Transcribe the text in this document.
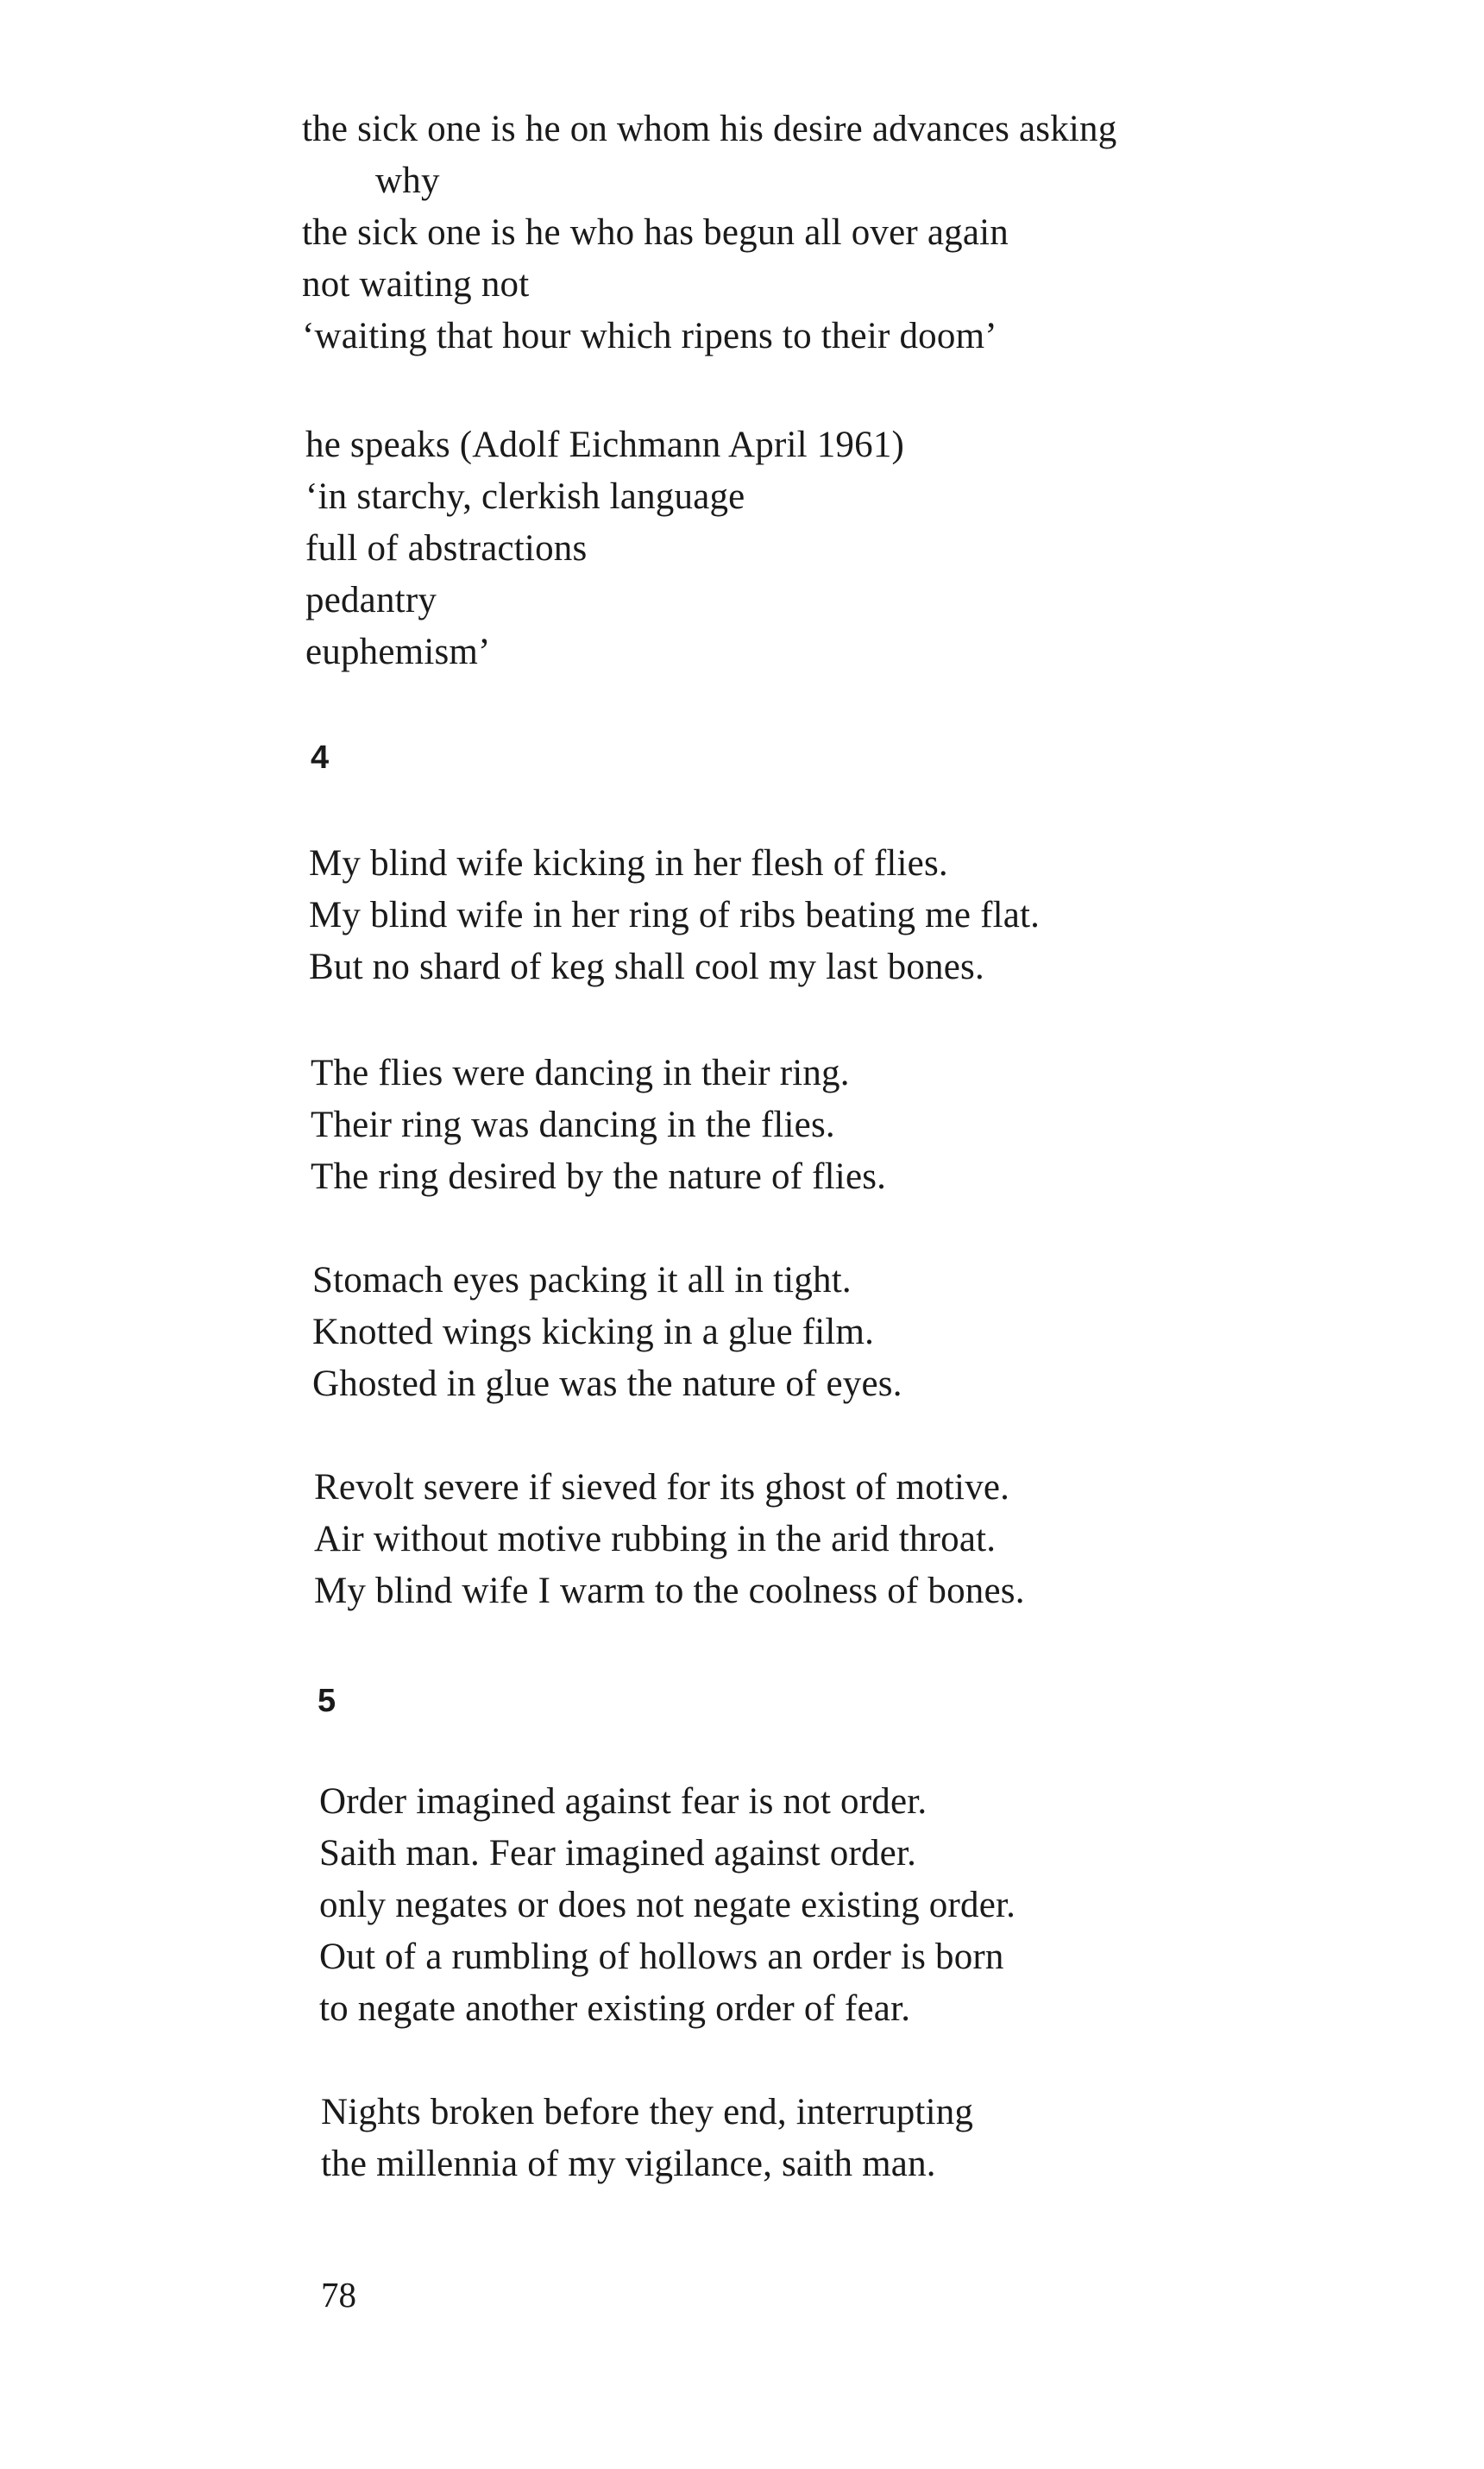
the sick one is he on whom his desire advances asking
why
the sick one is he who has begun all over again
not waiting not
‘waiting that hour which ripens to their doom’
he speaks (Adolf Eichmann April 1961)
‘in starchy, clerkish language
full of abstractions
pedantry
euphemism’
4
My blind wife kicking in her flesh of flies.
My blind wife in her ring of ribs beating me flat.
But no shard of keg shall cool my last bones.
The flies were dancing in their ring.
Their ring was dancing in the flies.
The ring desired by the nature of flies.
Stomach eyes packing it all in tight.
Knotted wings kicking in a glue film.
Ghosted in glue was the nature of eyes.
Revolt severe if sieved for its ghost of motive.
Air without motive rubbing in the arid throat.
My blind wife I warm to the coolness of bones.
5
Order imagined against fear is not order.
Saith man. Fear imagined against order.
only negates or does not negate existing order.
Out of a rumbling of hollows an order is born
to negate another existing order of fear.
Nights broken before they end, interrupting
the millennia of my vigilance, saith man.
78
